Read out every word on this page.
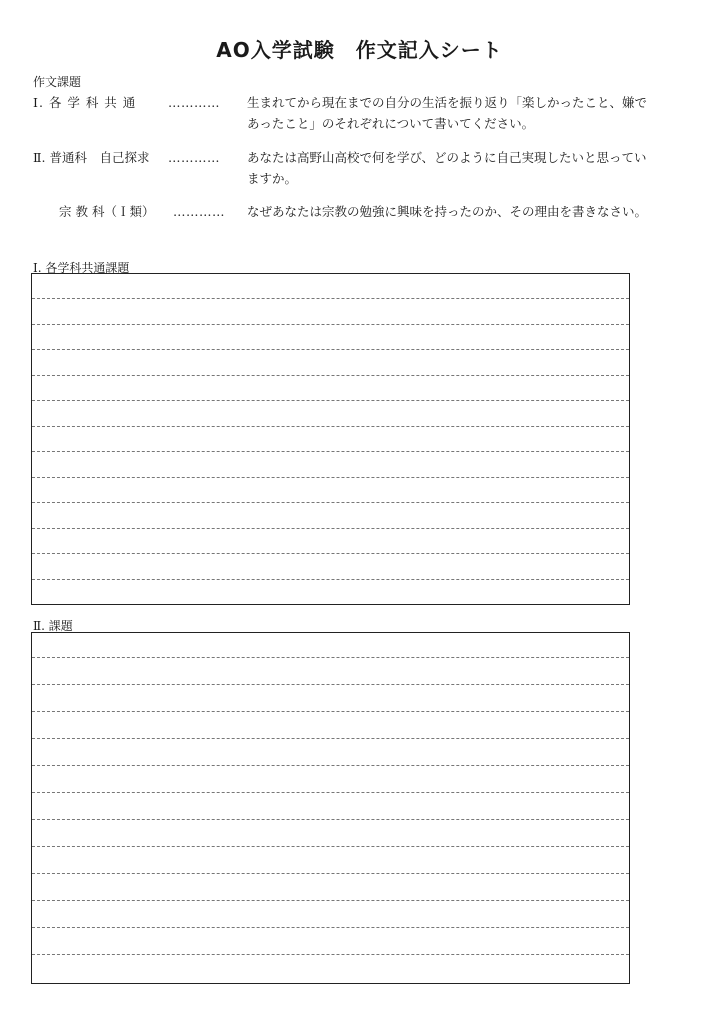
AO入学試験　作文記入シート
作文課題
Ⅰ. 各 学 科 共 通	………… 生まれてから現在までの自分の生活を振り返り「楽しかったこと、嫌であったこと」のそれぞれについて書いてください。
Ⅱ. 普通科　自己探求 ………… あなたは高野山高校で何を学び、どのように自己実現したいと思っていますか。
宗 教 科（Ｉ類） ………… なぜあなたは宗教の勉強に興味を持ったのか、その理由を書きなさい。
Ⅰ. 各学科共通課題
Ⅱ. 課題
